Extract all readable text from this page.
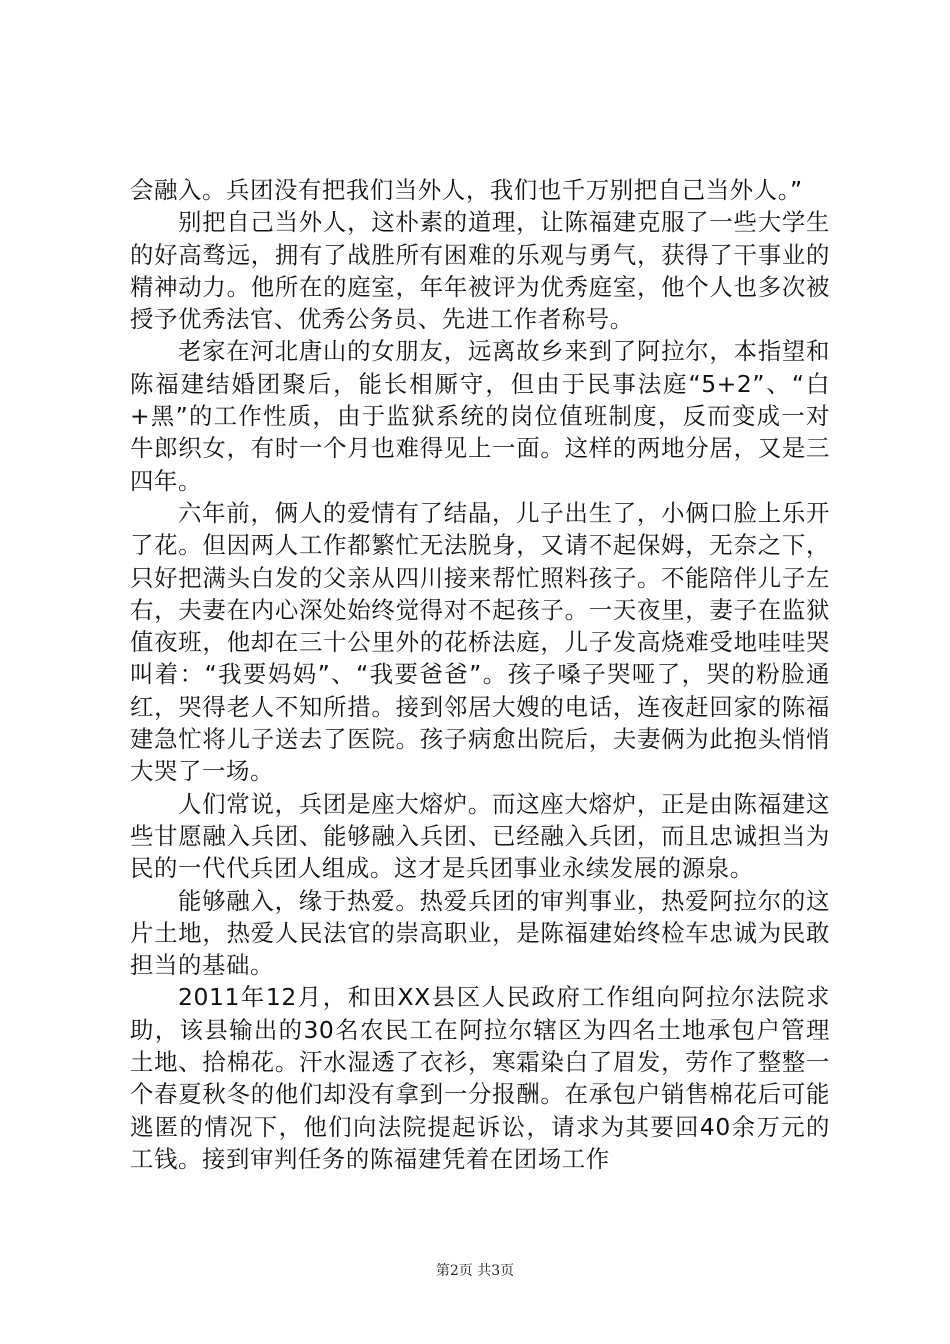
会融入。兵团没有把我们当外人，我们也千万别把自己当外人。”

别把自己当外人，这朴素的道理，让陈福建克服了一些大学生的好高骛远，拥有了战胜所有困难的乐观与勇气，获得了干事业的精神动力。他所在的庭室，年年被评为优秀庭室，他个人也多次被授予优秀法官、优秀公务员、先进工作者称号。

老家在河北唐山的女朋友，远离故乡来到了阿拉尔，本指望和陈福建结婚团聚后，能长相厮守，但由于民事法庭“5+2”、“白+黑”的工作性质，由于监狱系统的岗位值班制度，反而变成一对牛郎织女，有时一个月也难得见上一面。这样的两地分居，又是三四年。

六年前，俩人的爱情有了结晶，儿子出生了，小俩口脸上乐开了花。但因两人工作都繁忙无法脱身，又请不起保姆，无奈之下，只好把满头白发的父亲从四川接来帮忙照料孩子。不能陪伴儿子左右，夫妻在内心深处始终觉得对不起孩子。一天夜里，妻子在监狱值夜班，他却在三十公里外的花桥法庭，儿子发高烧难受地哇哇哭叫着：“我要妈妈”、“我要爸爸”。孩子嗓子哭哑了，哭的粉脸通红，哭得老人不知所措。接到邻居大嫂的电话，连夜赶回家的陈福建急忙将儿子送去了医院。孩子病愈出院后，夫妻俩为此抱头悄悄大哭了一场。

人们常说，兵团是座大熔炉。而这座大熔炉，正是由陈福建这些甘愿融入兵团、能够融入兵团、已经融入兵团，而且忠诚担当为民的一代代兵团人组成。这才是兵团事业永续发展的源泉。

能够融入，缘于热爱。热爱兵团的审判事业，热爱阿拉尔的这片土地，热爱人民法官的崇高职业，是陈福建始终检车忠诚为民敢担当的基础。

2011年12月，和田XX县区人民政府工作组向阿拉尔法院求助，该县输出的30名农民工在阿拉尔辖区为四名土地承包户管理土地、拾棉花。汗水湿透了衣衫，寒霜染白了眉发，劳作了整整一个春夏秋冬的他们却没有拿到一分报酬。在承包户销售棉花后可能逃匿的情况下，他们向法院提起诉讼，请求为其要回40余万元的工钱。接到审判任务的陈福建凭着在团场工作

第2页 共3页
